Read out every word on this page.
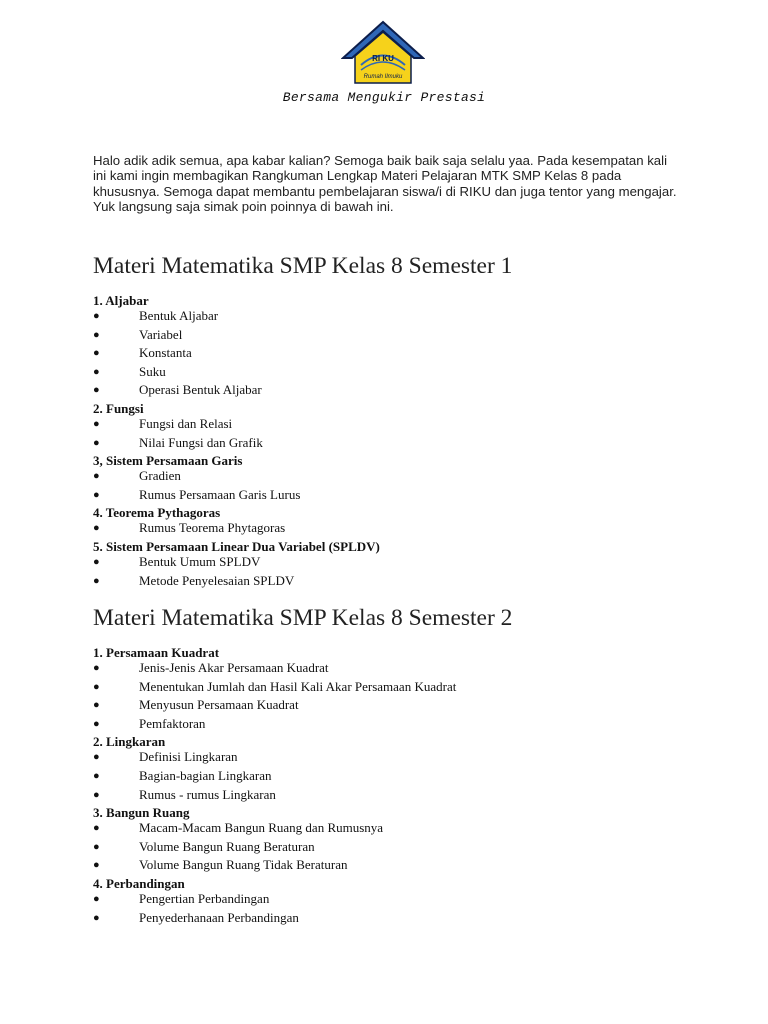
RI KU
Rumah Ilmuku
Bersama Mengukir Prestasi

Halo adik adik semua, apa kabar kalian? Semoga baik baik saja selalu yaa. Pada kesempatan kali ini kami ingin membagikan Rangkuman Lengkap Materi Pelajaran MTK SMP Kelas 8 pada khususnya. Semoga dapat membantu pembelajaran siswa/i di RIKU dan juga tentor yang mengajar. Yuk langsung saja simak poin poinnya di bawah ini.

Materi Matematika SMP Kelas 8 Semester 1
1. Aljabar
●	Bentuk Aljabar
●	Variabel
●	Konstanta
●	Suku
●	Operasi Bentuk Aljabar
2. Fungsi
●	Fungsi dan Relasi
●	Nilai Fungsi dan Grafik
3, Sistem Persamaan Garis
●	Gradien
●	Rumus Persamaan Garis Lurus
4. Teorema Pythagoras
●	Rumus Teorema Phytagoras
5. Sistem Persamaan Linear Dua Variabel (SPLDV)
●	Bentuk Umum SPLDV
●	Metode Penyelesaian SPLDV
Materi Matematika SMP Kelas 8 Semester 2
1. Persamaan Kuadrat
●	Jenis-Jenis Akar Persamaan Kuadrat
●	Menentukan Jumlah dan Hasil Kali Akar Persamaan Kuadrat
●	Menyusun Persamaan Kuadrat
●	Pemfaktoran
2. Lingkaran
●	Definisi Lingkaran
●	Bagian-bagian Lingkaran
●	Rumus - rumus Lingkaran
3. Bangun Ruang
●	Macam-Macam Bangun Ruang dan Rumusnya
●	Volume Bangun Ruang Beraturan
●	Volume Bangun Ruang Tidak Beraturan
4. Perbandingan
●	Pengertian Perbandingan
●	Penyederhanaan Perbandingan
